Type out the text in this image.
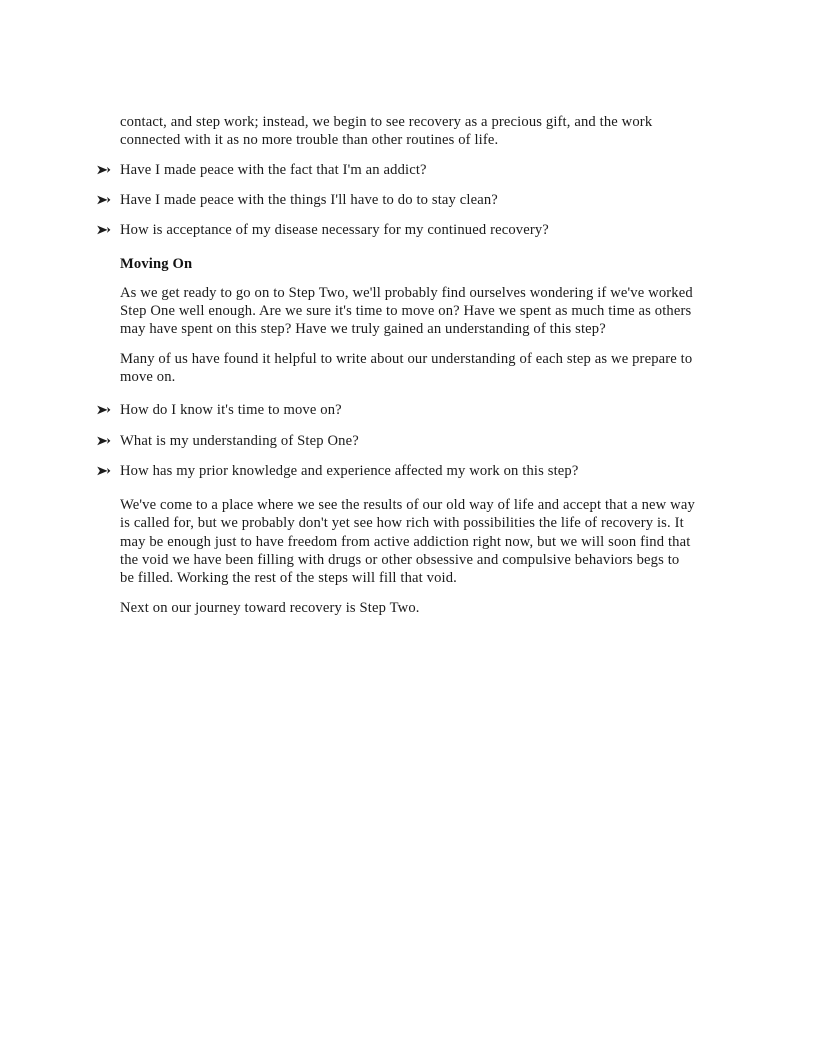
contact, and step work; instead, we begin to see recovery as a precious gift, and the work connected with it as no more trouble than other routines of life.

Have I made peace with the fact that I'm an addict?
Have I made peace with the things I'll have to do to stay clean?
How is acceptance of my disease necessary for my continued recovery?
Moving On

As we get ready to go on to Step Two, we'll probably find ourselves wondering if we've worked Step One well enough. Are we sure it's time to move on? Have we spent as much time as others may have spent on this step? Have we truly gained an understanding of this step?

Many of us have found it helpful to write about our understanding of each step as we prepare to move on.

How do I know it's time to move on?
What is my understanding of Step One?
How has my prior knowledge and experience affected my work on this step?

We've come to a place where we see the results of our old way of life and accept that a new way is called for, but we probably don't yet see how rich with possibilities the life of recovery is. It may be enough just to have freedom from active addiction right now, but we will soon find that the void we have been filling with drugs or other obsessive and compulsive behaviors begs to be filled. Working the rest of the steps will fill that void.

Next on our journey toward recovery is Step Two.
